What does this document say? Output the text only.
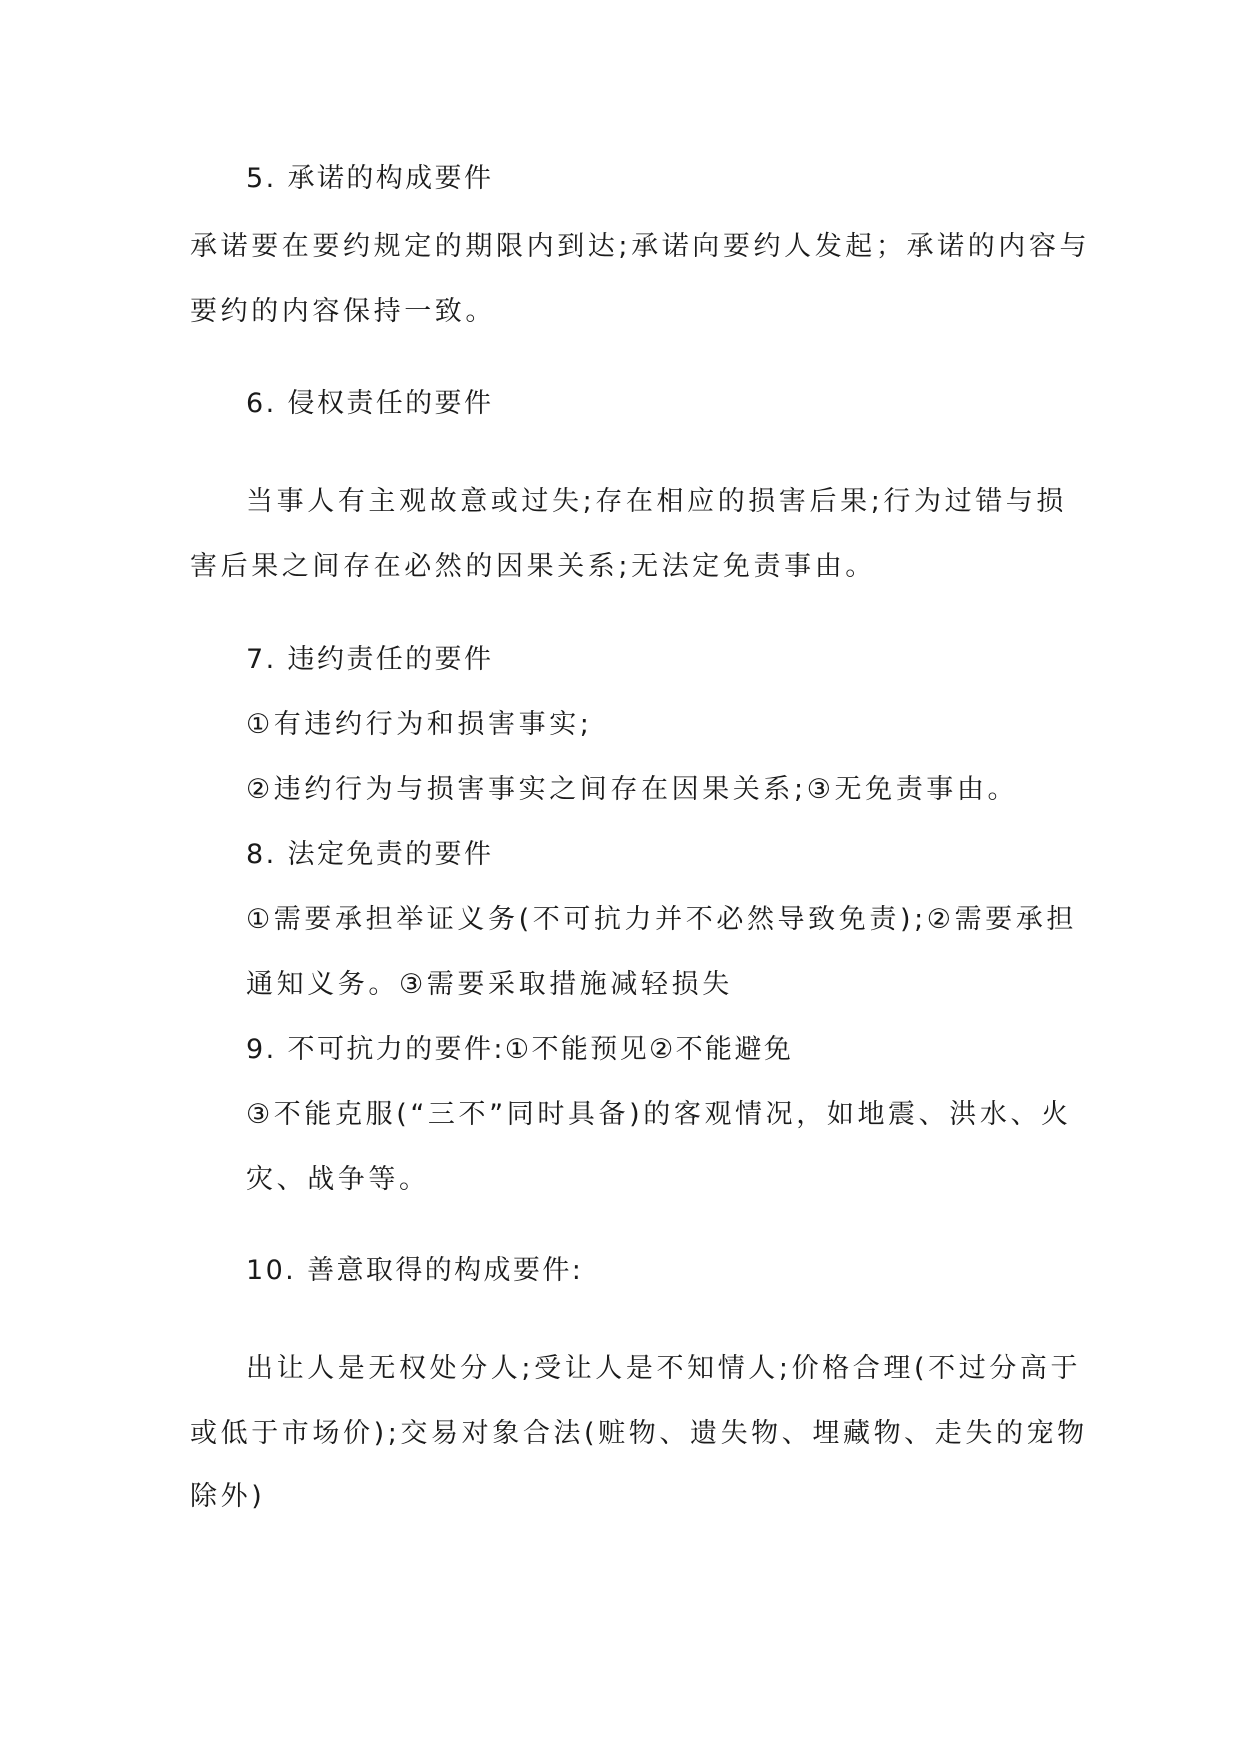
5. 承诺的构成要件
承诺要在要约规定的期限内到达;承诺向要约人发起；承诺的内容与
要约的内容保持一致。
6. 侵权责任的要件
当事人有主观故意或过失;存在相应的损害后果;行为过错与损
害后果之间存在必然的因果关系;无法定免责事由。
7. 违约责任的要件
①有违约行为和损害事实;
②违约行为与损害事实之间存在因果关系;③无免责事由。
8. 法定免责的要件
①需要承担举证义务(不可抗力并不必然导致免责);②需要承担
通知义务。③需要采取措施减轻损失
9. 不可抗力的要件:①不能预见②不能避免
③不能克服(“三不”同时具备)的客观情况，如地震、洪水、火
灾、战争等。
10. 善意取得的构成要件:
出让人是无权处分人;受让人是不知情人;价格合理(不过分高于
或低于市场价);交易对象合法(赃物、遗失物、埋藏物、走失的宠物
除外)
